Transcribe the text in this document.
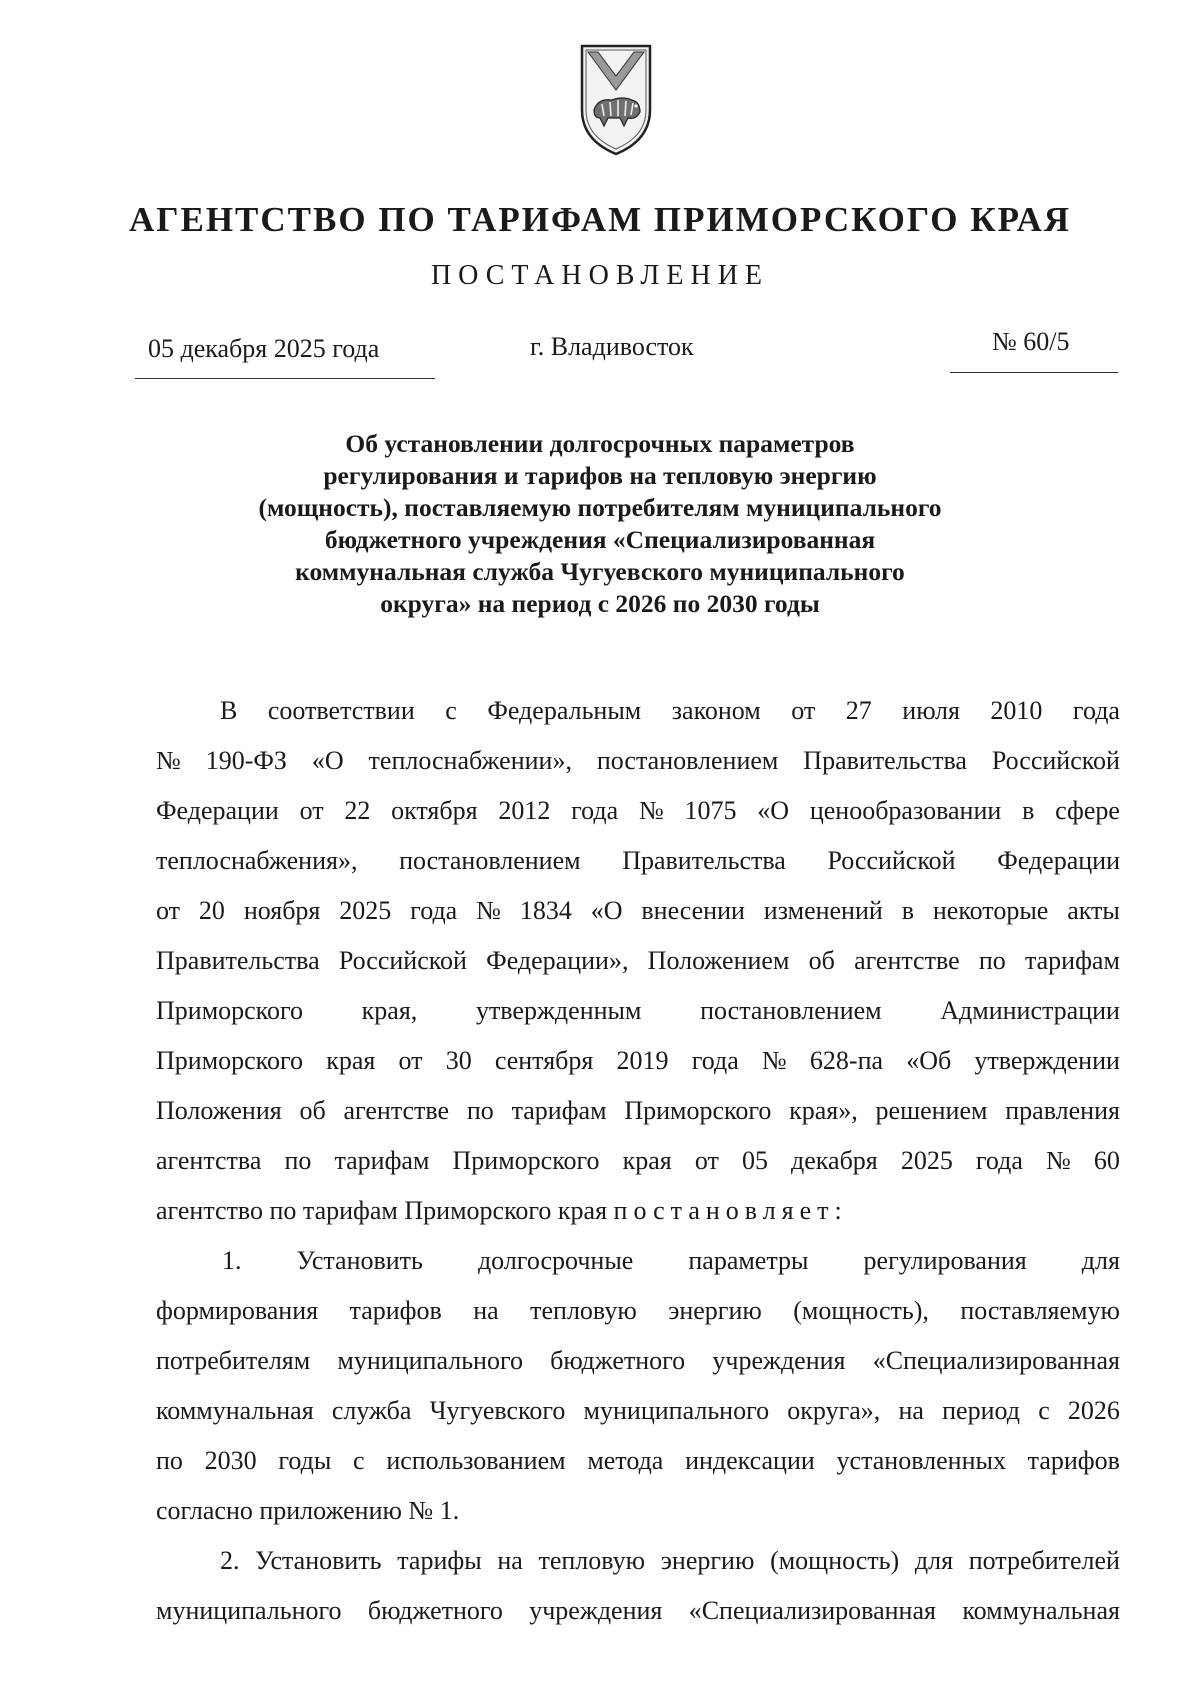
АГЕНТСТВО ПО ТАРИФАМ ПРИМОРСКОГО КРАЯ
ПОСТАНОВЛЕНИЕ
05 декабря 2025 года	г. Владивосток	№ 60/5
Об установлении долгосрочных параметров
регулирования и тарифов на тепловую энергию
(мощность), поставляемую потребителям муниципального
бюджетного учреждения «Специализированная
коммунальная служба Чугуевского муниципального
округа» на период с 2026 по 2030 годы
В соответствии с Федеральным законом от 27 июля 2010 года
№ 190-ФЗ «О теплоснабжении», постановлением Правительства Российской
Федерации от 22 октября 2012 года № 1075 «О ценообразовании в сфере
теплоснабжения», постановлением Правительства Российской Федерации
от 20 ноября 2025 года № 1834 «О внесении изменений в некоторые акты
Правительства Российской Федерации», Положением об агентстве по тарифам
Приморского края, утвержденным постановлением Администрации
Приморского края от 30 сентября 2019 года № 628-па «Об утверждении
Положения об агентстве по тарифам Приморского края», решением правления
агентства по тарифам Приморского края от 05 декабря 2025 года № 60
агентство по тарифам Приморского края
постановляет:
1. Установить долгосрочные параметры регулирования для
формирования тарифов на тепловую энергию (мощность), поставляемую
потребителям муниципального бюджетного учреждения «Специализированная
коммунальная служба Чугуевского муниципального округа», на период с 2026
по 2030 годы с использованием метода индексации установленных тарифов
согласно приложению № 1.
2. Установить тарифы на тепловую энергию (мощность) для потребителей
муниципального бюджетного учреждения «Специализированная коммунальная
